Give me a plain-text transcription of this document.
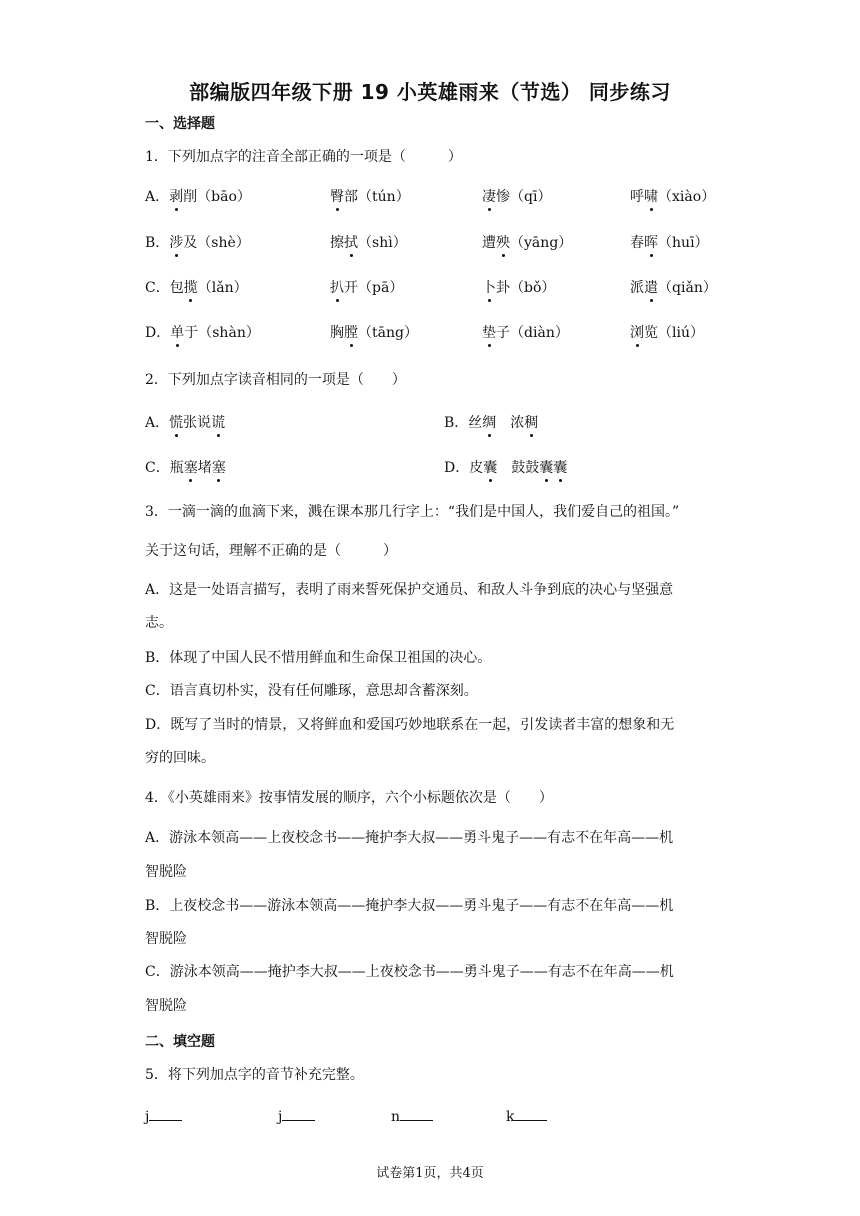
部编版四年级下册 19 小英雄雨来（节选） 同步练习
一、选择题
1．下列加点字的注音全部正确的一项是（　　　）
A．剥削（bāo）	臀部（tún）	凄惨（qī）	呼啸（xiào）
B．涉及（shè）	擦拭（shì）	遭殃（yāng）	春晖（huī）
C．包揽（lǎn）	扒开（pā）	卜卦（bǒ）	派遣（qiǎn）
D．单于（shàn）	胸膛（tāng）	垫子（diàn）	浏览（liú）
2．下列加点字读音相同的一项是（　　）
A．慌张说谎	B．丝绸　 浓稠
C．瓶塞堵塞	D．皮囊　 鼓鼓囊囊
3．一滴一滴的血滴下来，溅在课本那几行字上：“我们是中国人，我们爱自己的祖国。”
关于这句话，理解不正确的是（　　　）
A．这是一处语言描写，表明了雨来誓死保护交通员、和敌人斗争到底的决心与坚强意
志。
B．体现了中国人民不惜用鲜血和生命保卫祖国的决心。
C．语言真切朴实，没有任何雕琢，意思却含蓄深刻。
D．既写了当时的情景，又将鲜血和爱国巧妙地联系在一起，引发读者丰富的想象和无
穷的回味。
4．《小英雄雨来》按事情发展的顺序，六个小标题依次是（　　）
A．游泳本领高——上夜校念书——掩护李大叔——勇斗鬼子——有志不在年高——机
智脱险
B．上夜校念书——游泳本领高——掩护李大叔——勇斗鬼子——有志不在年高——机
智脱险
C．游泳本领高——掩护李大叔——上夜校念书——勇斗鬼子——有志不在年高——机
智脱险
5．将下列加点字的音节补充完整。
j	j	n	k
二、填空题
试卷第1页，共4页
